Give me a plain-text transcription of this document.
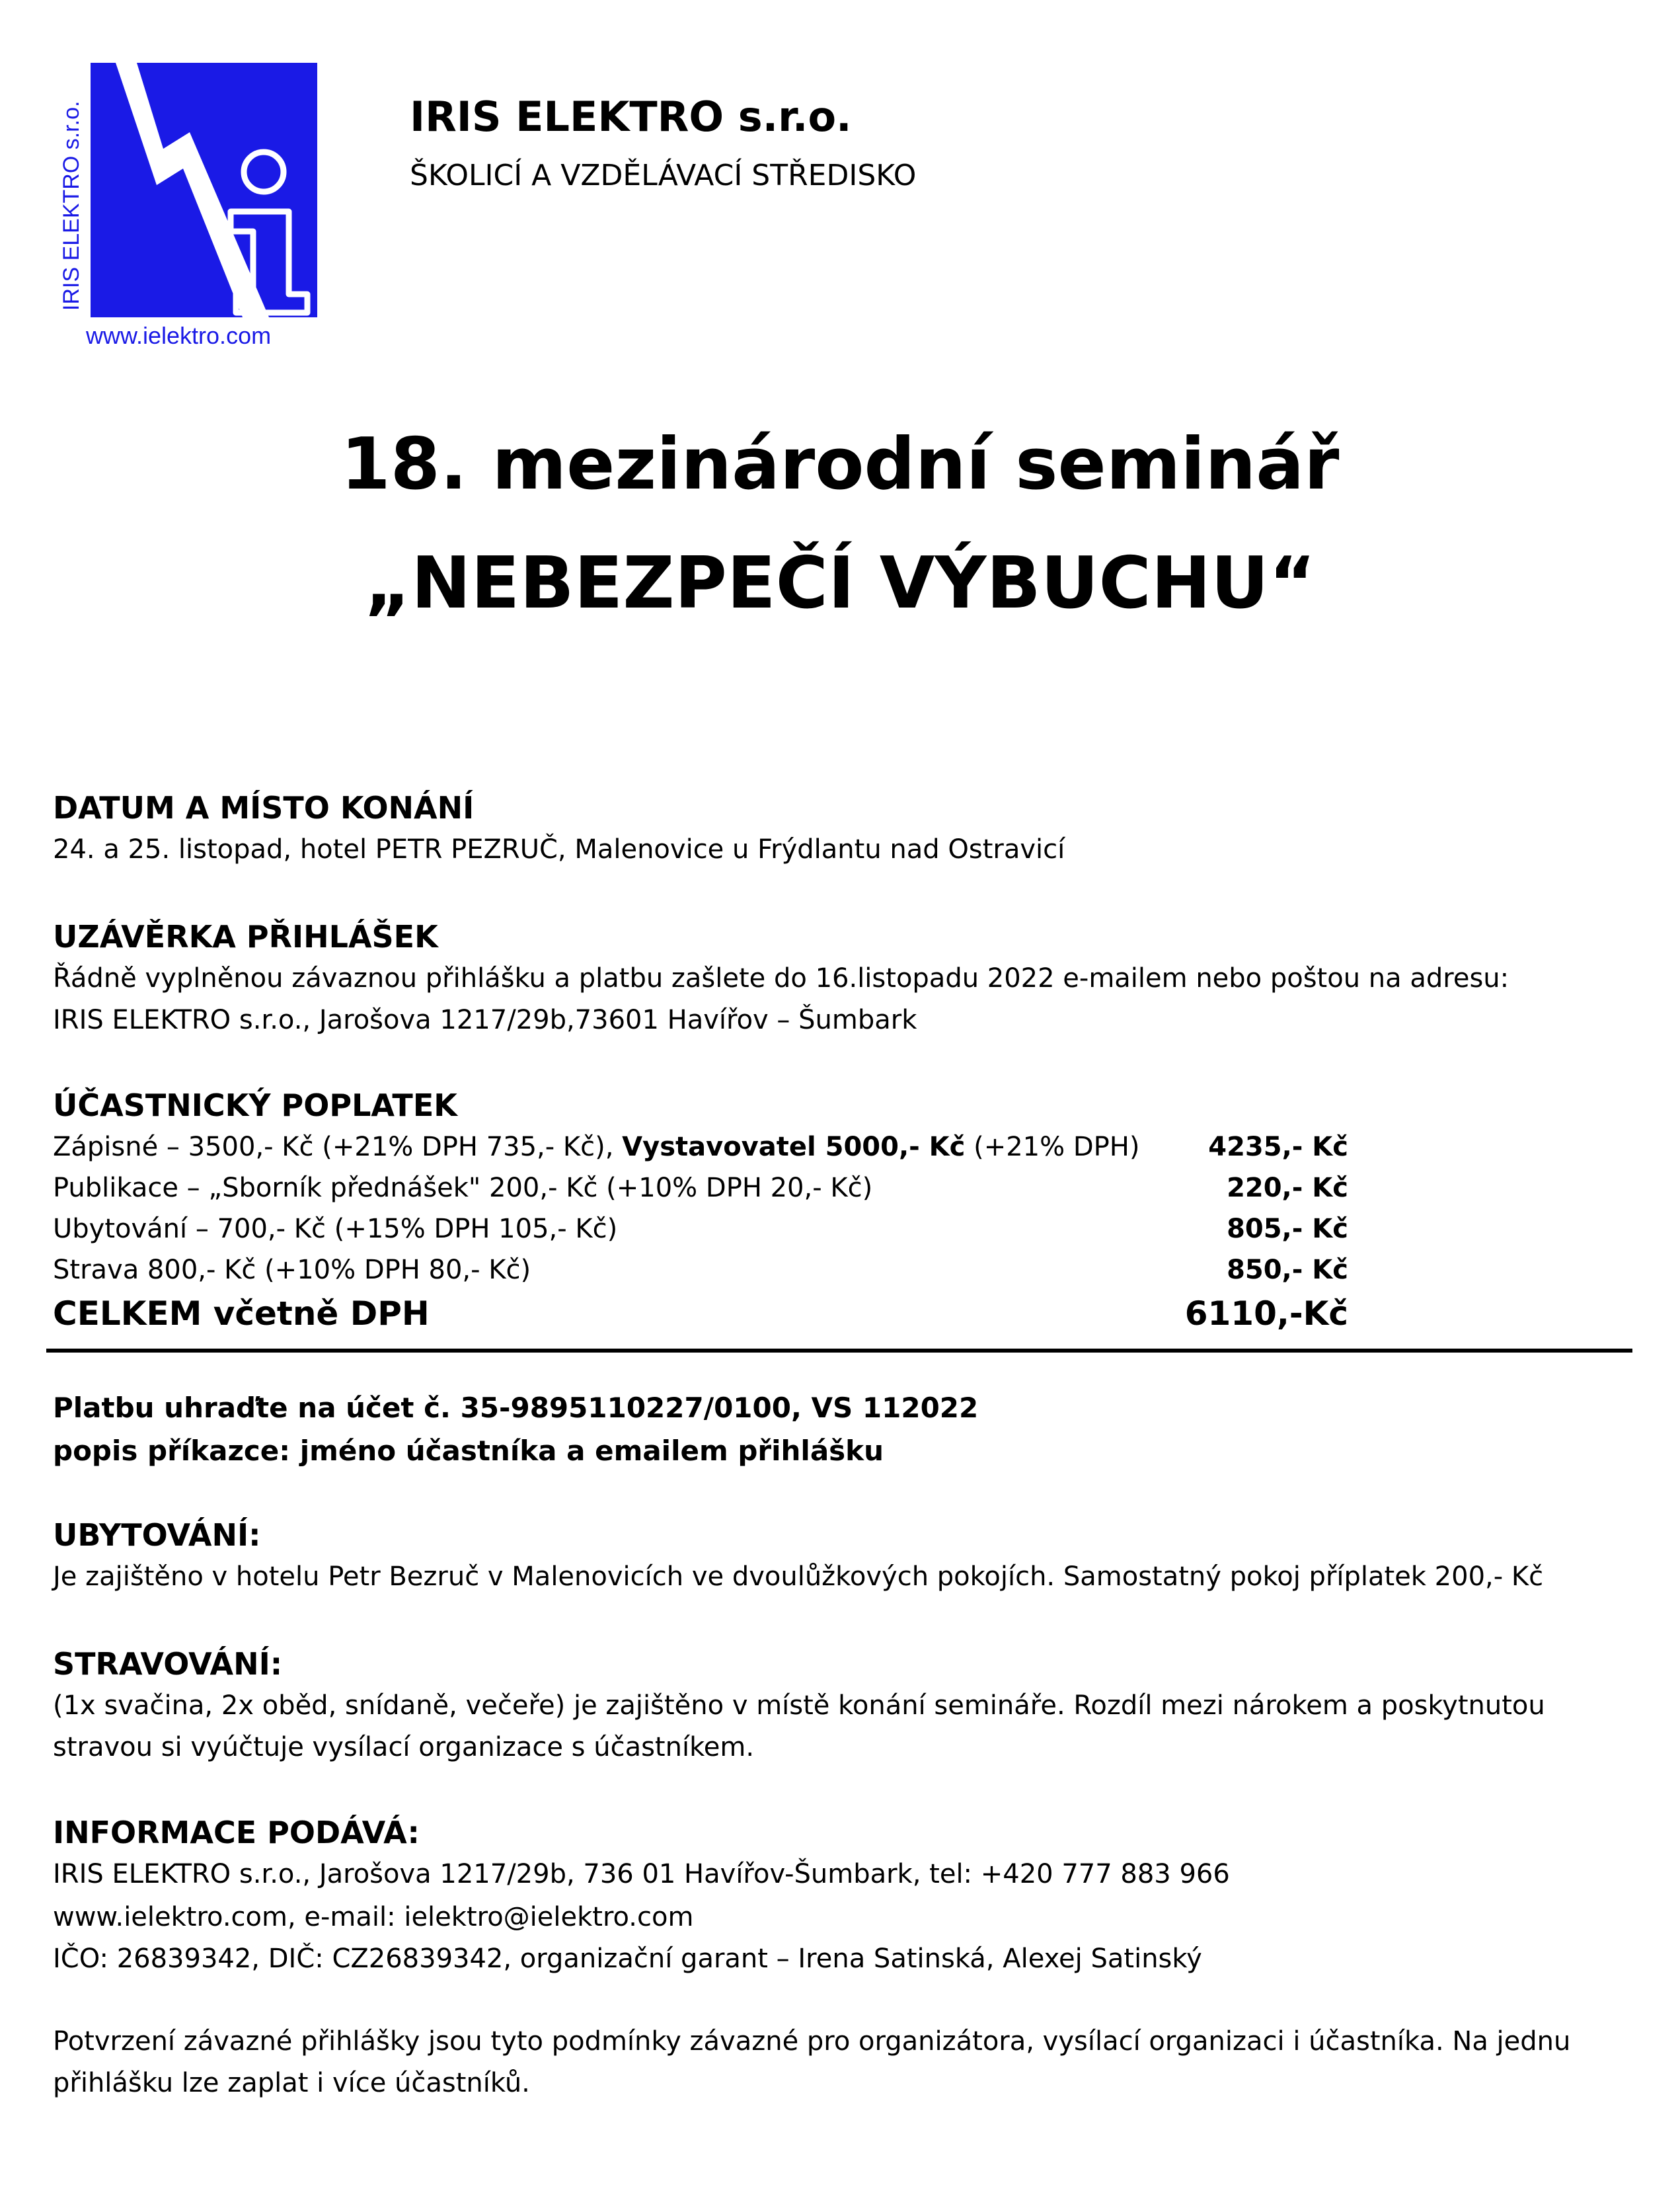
IRIS ELEKTRO s.r.o.
www.ielektro.com
IRIS ELEKTRO s.r.o.
ŠKOLICÍ A VZDĚLÁVACÍ STŘEDISKO
18. mezinárodní seminář
„NEBEZPEČÍ VÝBUCHU“
DATUM A MÍSTO KONÁNÍ
24. a 25. listopad, hotel PETR PEZRUČ, Malenovice u Frýdlantu nad Ostravicí
UZÁVĚRKA PŘIHLÁŠEK
Řádně vyplněnou závaznou přihlášku a platbu zašlete do 16.listopadu 2022 e-mailem nebo poštou na adresu:
IRIS ELEKTRO s.r.o., Jarošova 1217/29b,73601 Havířov – Šumbark
ÚČASTNICKÝ POPLATEK
Zápisné – 3500,- Kč (+21% DPH 735,- Kč), Vystavovatel 5000,- Kč (+21% DPH)	4235,- Kč
Publikace – „Sborník přednášek" 200,- Kč (+10% DPH 20,- Kč)	220,- Kč
Ubytování – 700,- Kč (+15% DPH 105,- Kč)	805,- Kč
Strava 800,- Kč (+10% DPH 80,- Kč)	850,- Kč
CELKEM včetně DPH	6110,-Kč
Platbu uhraďte na účet č. 35-9895110227/0100, VS 112022
popis příkazce: jméno účastníka a emailem přihlášku
UBYTOVÁNÍ:
Je zajištěno v hotelu Petr Bezruč v Malenovicích ve dvoulůžkových pokojích. Samostatný pokoj příplatek 200,- Kč
STRAVOVÁNÍ:
(1x svačina, 2x oběd, snídaně, večeře) je zajištěno v místě konání semináře. Rozdíl mezi nárokem a poskytnutou
stravou si vyúčtuje vysílací organizace s účastníkem.
INFORMACE PODÁVÁ:
IRIS ELEKTRO s.r.o., Jarošova 1217/29b, 736 01 Havířov-Šumbark, tel: +420 777 883 966
www.ielektro.com, e-mail: ielektro@ielektro.com
IČO: 26839342, DIČ: CZ26839342, organizační garant – Irena Satinská, Alexej Satinský
Potvrzení závazné přihlášky jsou tyto podmínky závazné pro organizátora, vysílací organizaci i účastníka. Na jednu
přihlášku lze zaplat i více účastníků.
